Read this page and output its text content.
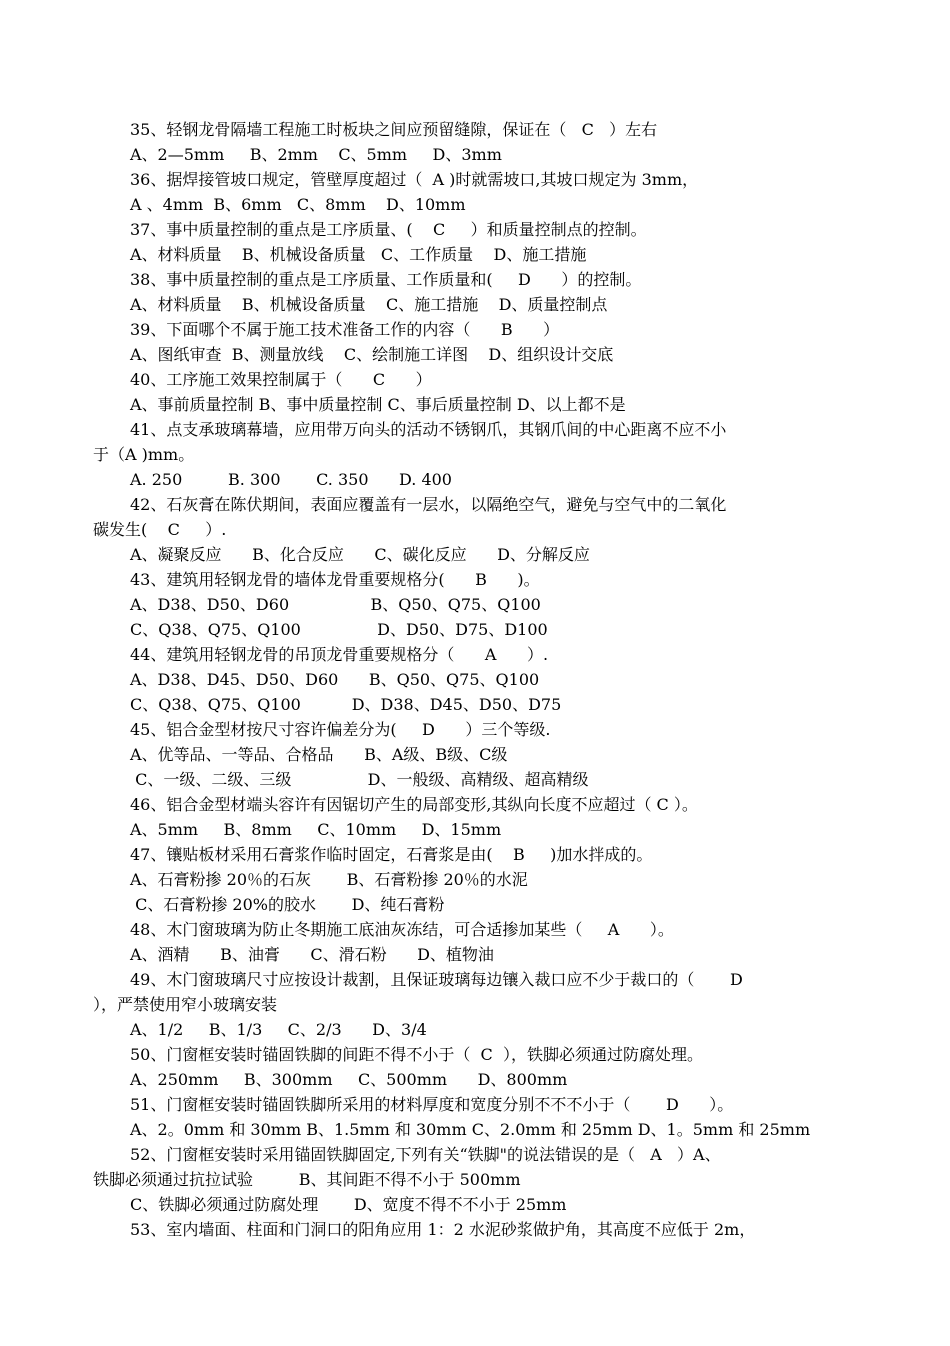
35、轻钢龙骨隔墙工程施工时板块之间应预留缝隙，保证在（   C   ）左右
A、2—5mm     B、2mm    C、5mm     D、3mm
36、据焊接管坡口规定，管壁厚度超过（  A )时就需坡口,其坡口规定为 3mm，
A 、4mm  B、6mm   C、8mm    D、10mm
37、事中质量控制的重点是工序质量、(    C     ）和质量控制点的控制。
A、材料质量    B、机械设备质量   C、工作质量    D、施工措施
38、事中质量控制的重点是工序质量、工作质量和(     D      ）的控制。
A、材料质量    B、机械设备质量    C、施工措施    D、质量控制点
39、下面哪个不属于施工技术准备工作的内容（      B      ）
A、图纸审查  B、测量放线    C、绘制施工详图    D、组织设计交底
40、工序施工效果控制属于（      C      ）
A、事前质量控制 B、事中质量控制 C、事后质量控制 D、以上都不是
41、点支承玻璃幕墙，应用带万向头的活动不锈钢爪，其钢爪间的中心距离不应不小
于（A )mm。
A. 250         B. 300       C. 350      D. 400
42、石灰膏在陈伏期间，表面应覆盖有一层水，以隔绝空气，避免与空气中的二氧化
碳发生(    C     ）.
A、凝聚反应      B、化合反应      C、碳化反应      D、分解反应
43、建筑用轻钢龙骨的墙体龙骨重要规格分(      B      )。
A、D38、D50、D60                B、Q50、Q75、Q100
C、Q38、Q75、Q100               D、D50、D75、D100
44、建筑用轻钢龙骨的吊顶龙骨重要规格分（      A      ）.
A、D38、D45、D50、D60      B、Q50、Q75、Q100
C、Q38、Q75、Q100          D、D38、D45、D50、D75
45、铝合金型材按尺寸容许偏差分为(     D      ）三个等级.
A、优等品、一等品、合格品      B、A级、B级、C级
C、一级、二级、三级               D、一般级、高精级、超高精级
46、铝合金型材端头容许有因锯切产生的局部变形,其纵向长度不应超过（ C ）。
A、5mm     B、8mm     C、10mm     D、15mm
47、镶贴板材采用石膏浆作临时固定，石膏浆是由(    B     )加水拌成的。
A、石膏粉掺 20％的石灰       B、石膏粉掺 20％的水泥
C、石膏粉掺 20%的胶水       D、纯石膏粉
48、木门窗玻璃为防止冬期施工底油灰冻结，可合适掺加某些（     A      ）。
A、酒精      B、油膏      C、滑石粉      D、植物油
49、木门窗玻璃尺寸应按设计裁割，且保证玻璃每边镶入裁口应不少于裁口的（       D
），严禁使用窄小玻璃安装
A、1/2     B、1/3     C、2/3      D、3/4
50、门窗框安装时锚固铁脚的间距不得不小于（  C  ），铁脚必须通过防腐处理。
A、250mm     B、300mm     C、500mm      D、800mm
51、门窗框安装时锚固铁脚所采用的材料厚度和宽度分别不不不小于（       D      ）。
A、2。0mm 和 30mm B、1.5mm 和 30mm C、2.0mm 和 25mm D、1。5mm 和 25mm
52、门窗框安装时采用锚固铁脚固定,下列有关“铁脚"的说法错误的是（   A   ）A、
铁脚必须通过抗拉试验         B、其间距不得不小于 500mm
C、铁脚必须通过防腐处理       D、宽度不得不不小于 25mm
53、室内墙面、柱面和门洞口的阳角应用 1：2 水泥砂浆做护角，其高度不应低于 2m，
